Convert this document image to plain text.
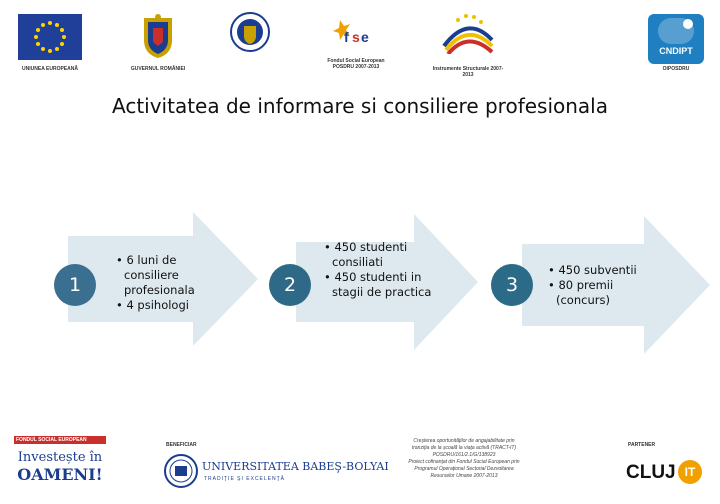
UNIUNEA EUROPEANĂ	GUVERNUL ROMÂNIEI
f s e
Fondul Social European POSDRU 2007-2013	Instrumente Structurale 2007-2013
CNDIPT
OIPOSDRU
Activitatea de informare si consiliere profesionala
1	2	3
• 6 luni de consiliere profesionala
• 4 psihologi
• 450 studenti consiliati
• 450 studenti in stagii de practica
• 450 subventii
• 80 premii (concurs)
FONDUL SOCIAL EUROPEAN
Investește în
OAMENI!
BENEFICIAR
UNIVERSITATEA BABEŞ-BOLYAI
TRADIŢIE ŞI EXCELENŢĂ
Creşterea oportunităţilor de angajabilitate prin
tranziţia de la şcoală la viaţa activă (TRACT-IT)
POSDRU/161/2.1/G/138923
Proiect cofinanţat din Fondul Social European prin
Programul Operaţional Sectorial Dezvoltarea
Resurselor Umane 2007-2013
PARTENER
CLUJ IT
